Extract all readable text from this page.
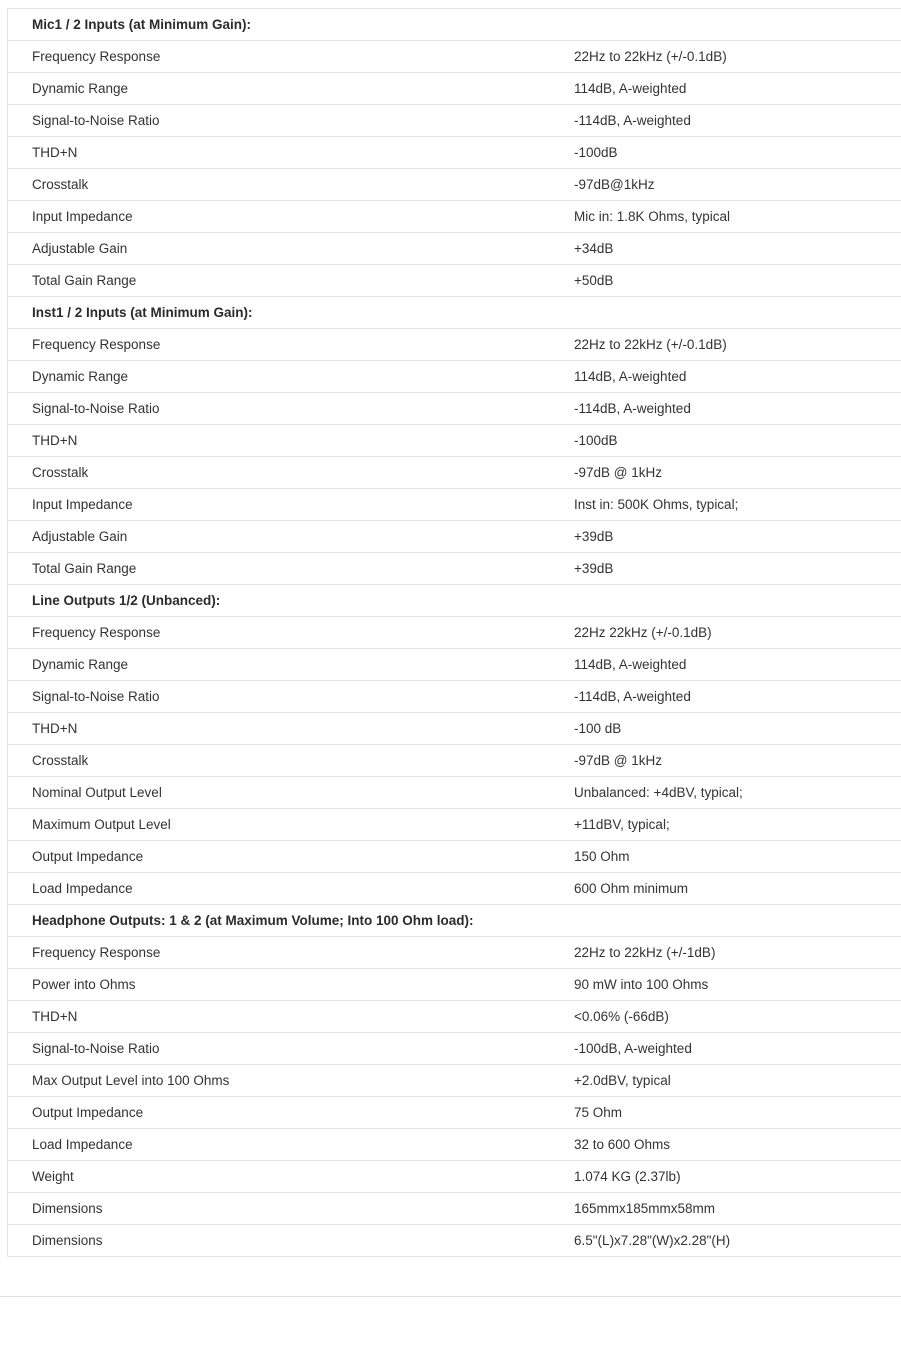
Mic1 / 2 Inputs (at Minimum Gain):
Frequency Response	22Hz to 22kHz (+/-0.1dB)
Dynamic Range	114dB, A-weighted
Signal-to-Noise Ratio	-114dB, A-weighted
THD+N	-100dB
Crosstalk	-97dB@1kHz
Input Impedance	Mic in: 1.8K Ohms, typical
Adjustable Gain	+34dB
Total Gain Range	+50dB
Inst1 / 2 Inputs (at Minimum Gain):
Frequency Response	22Hz to 22kHz (+/-0.1dB)
Dynamic Range	114dB, A-weighted
Signal-to-Noise Ratio	-114dB, A-weighted
THD+N	-100dB
Crosstalk	-97dB @ 1kHz
Input Impedance	Inst in: 500K Ohms, typical;
Adjustable Gain	+39dB
Total Gain Range	+39dB
Line Outputs 1/2 (Unbanced):
Frequency Response	22Hz 22kHz (+/-0.1dB)
Dynamic Range	114dB, A-weighted
Signal-to-Noise Ratio	-114dB, A-weighted
THD+N	-100 dB
Crosstalk	-97dB @ 1kHz
Nominal Output Level	Unbalanced: +4dBV, typical;
Maximum Output Level	+11dBV, typical;
Output Impedance	150 Ohm
Load Impedance	600 Ohm minimum
Headphone Outputs: 1 & 2 (at Maximum Volume; Into 100 Ohm load):
Frequency Response	22Hz to 22kHz (+/-1dB)
Power into Ohms	90 mW into 100 Ohms
THD+N	<0.06% (-66dB)
Signal-to-Noise Ratio	-100dB, A-weighted
Max Output Level into 100 Ohms	+2.0dBV, typical
Output Impedance	75 Ohm
Load Impedance	32 to 600 Ohms
Weight	1.074 KG (2.37lb)
Dimensions	165mmx185mmx58mm
Dimensions	6.5"(L)x7.28"(W)x2.28"(H)
